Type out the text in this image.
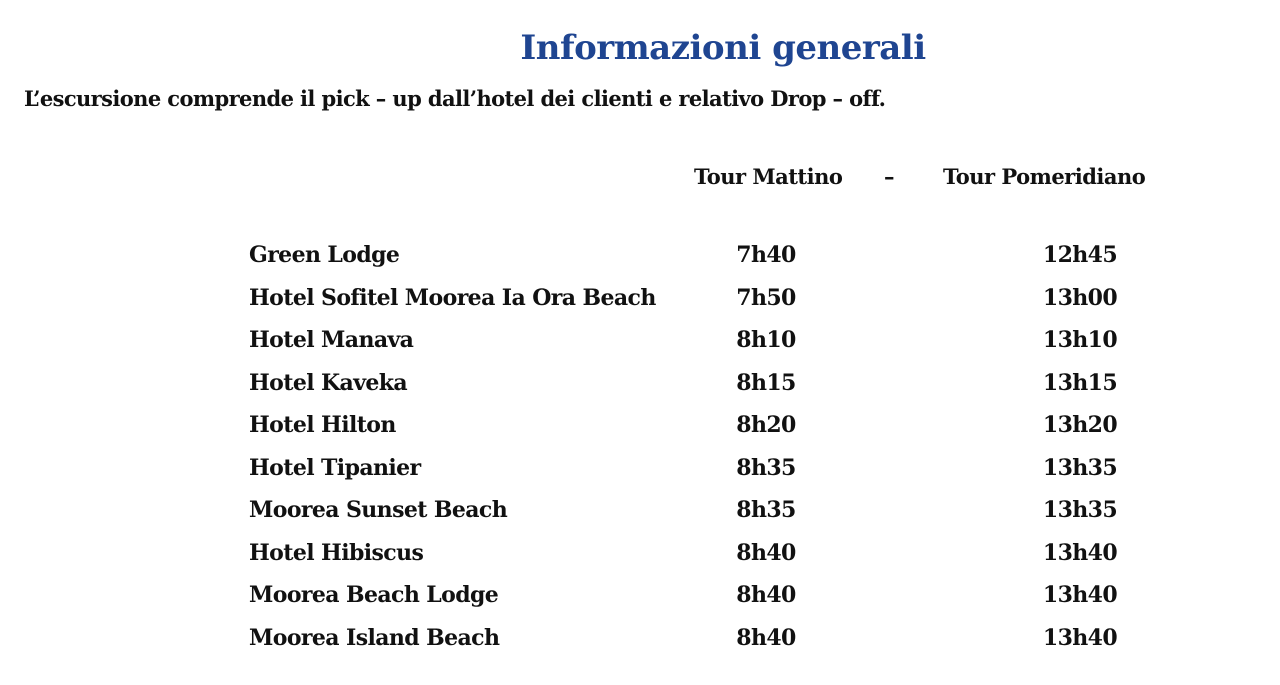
Informazioni generali
L’escursione comprende il pick – up dall’hotel dei clienti e relativo Drop – off.
Tour Mattino – Tour Pomeridiano
Green Lodge	7h40	12h45
Hotel Sofitel Moorea Ia Ora Beach	7h50	13h00
Hotel Manava	8h10	13h10
Hotel Kaveka	8h15	13h15
Hotel Hilton	8h20	13h20
Hotel Tipanier	8h35	13h35
Moorea Sunset Beach	8h35	13h35
Hotel Hibiscus	8h40	13h40
Moorea Beach Lodge	8h40	13h40
Moorea Island Beach	8h40	13h40
